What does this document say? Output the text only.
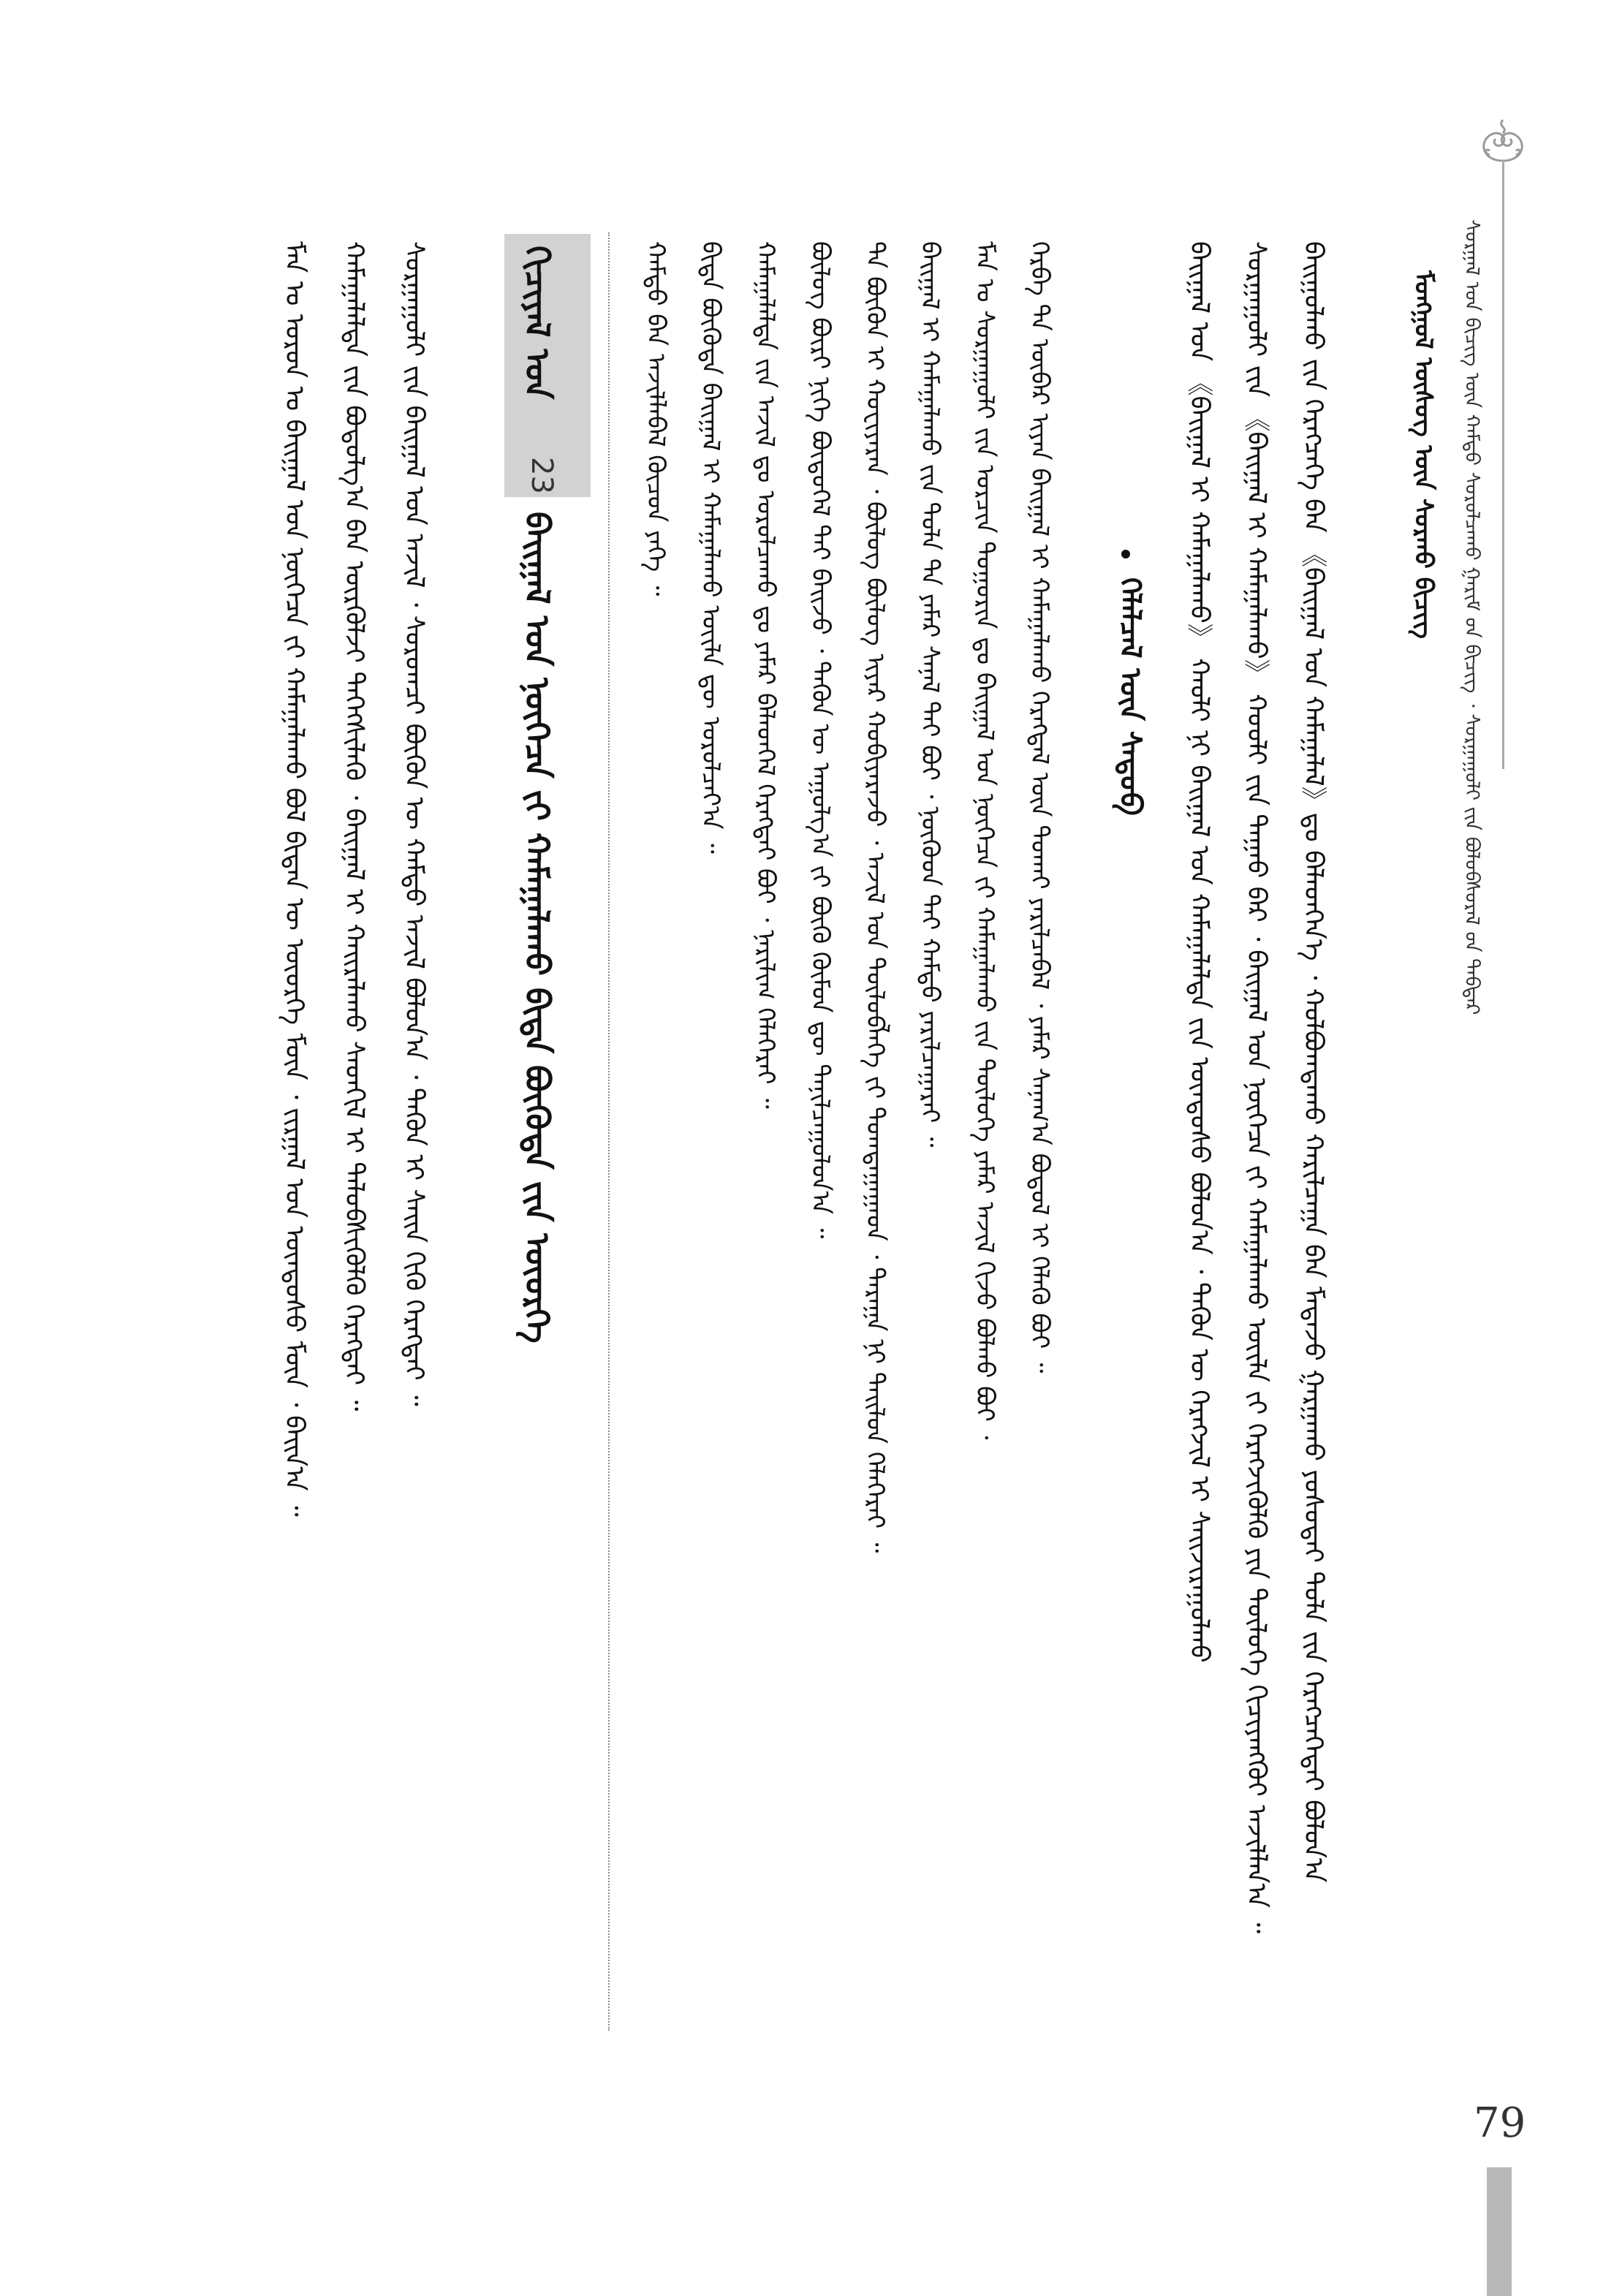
ᠰᠤᠷᠭᠠᠯ ᠤᠨ ᠪᠢᠴᠢᠭ ᠦᠨ ᠬᠠᠮᠲᠤ ᠰᠤᠷᠤᠯᠴᠠᠬᠤ ᠭᠠᠷᠢᠮ ᠤ᠋ᠨ ᠪᠢᠴᠢᠭ ᠂ ᠰᠤᠷᠭᠠᠭᠤᠯᠢ ᠶ᠋ᠢᠨ ᠪᠤᠯᠤᠪᠰᠤᠷᠠᠯ ᠤ᠋ᠨ ᠳᠡᠪᠲᠡᠷ
ᠮᠣᠩᠭᠣᠯ ᠦᠰᠦᠭ ᠦᠨ ᠰᠤᠷᠬᠤ ᠪᠢᠴᠢᠭ
ᠪᠠᠢᠭᠤᠯᠬᠤ ᠶ᠋ᠢᠨ ᠬᠡᠷᠡᠭᠴᠡᠭᠡ ᠪᠠᠨ 《ᠪᠠᠢᠭᠠᠯ ᠤᠨ ᠬᠠᠮᠠᠭᠠᠯᠠᠯ》ᠳᠤ ᠪᠡᠯᠡᠳᠬᠡᠨ᠎ᠡ ᠂ ᠬᠣᠯᠪᠣᠭᠳᠠᠬᠤ ᠬᠠᠷᠢᠯᠴᠠᠭᠠ ᠪᠠᠨ ᠮᠡᠳᠡᠵᠦ ᠭᠠᠷᠭᠠᠬᠤ ᠶᠣᠰᠣᠲᠠᠢ ᠲᠣᠯᠠ ᠶ᠋ᠢᠨ ᠬᠡᠷᠡᠭᠴᠡᠭᠡᠲᠡᠢ ᠪᠣᠯᠤᠨ᠎ᠠ
ᠰᠤᠷᠭᠠᠭᠤᠯᠢ ᠶ᠋ᠢᠨ 《ᠪᠠᠢᠭᠠᠯ ᠢ ᠬᠠᠮᠠᠭᠠᠯᠠᠬᠤ》 ᠬᠣᠤᠯᠢ ᠶ᠋ᠢᠨ ᠳᠠᠭᠠᠤ ᠪᠠᠷ ᠂ ᠪᠠᠢᠭᠠᠯ ᠤᠨ ᠨᠥᠭᠡᠴᠡ ᠶ᠋ᠢ ᠬᠠᠮᠠᠭᠠᠯᠠᠬᠤ ᠦᠢᠯᠡ ᠶ᠋ᠢ ᠬᠡᠷᠡᠭᠵᠢᠭᠦᠯᠬᠦ ᠶᠢᠨ ᠲᠥᠯᠦᠭᠡ ᠬᠢᠴᠢᠶᠡᠩᠭᠦᠢ ᠠᠵᠢᠯᠯᠠᠨ᠎ᠠ ᠃
ᠪᠠᠢᠭᠠᠯ ᠤᠨ 《ᠪᠠᠢᠭᠠᠯ ᠢ ᠬᠠᠮᠠᠭᠠᠯᠠᠬᠤ》 ᠬᠠᠤᠯᠢ ᠨᠢ ᠪᠠᠢᠭᠠᠯ ᠤᠨ ᠬᠠᠮᠠᠭᠠᠯᠠᠯᠲᠠ ᠶ᠋ᠢᠨ ᠦᠨᠳᠦᠰᠦ ᠪᠣᠯᠤᠨ᠎ᠠ ᠂ ᠲᠡᠭᠦᠨ ᠦ ᠬᠡᠷᠡᠭᠵᠢᠯ ᠢ ᠰᠠᠢᠵᠢᠷᠠᠭᠤᠯᠬᠤ
ᠬᠡᠯᠡᠯᠴᠡᠯ ᠦᠨ ᠰᠡᠳᠦᠪ
ᠬᠡᠷᠪᠡ ᠲᠠ ᠦᠪᠡᠷ ᠢᠶᠡᠨ ᠪᠠᠢᠭᠠᠯ ᠢ ᠬᠠᠮᠠᠭᠠᠯᠠᠬᠤ ᠬᠡᠷᠡᠭᠳᠡᠯ ᠦᠨ ᠲᠤᠬᠠᠢ ᠶᠠᠷᠢᠯᠴᠠᠪᠠᠯ ᠂ ᠶᠠᠮᠠᠷ ᠰᠠᠨᠠᠭ᠎ᠠ ᠪᠣᠳᠤᠯ ᠢ ᠬᠡᠯᠡᠬᠦ ᠪᠤᠢ ᠃
ᠮᠠᠨ ᠤ ᠰᠤᠷᠭᠠᠭᠤᠯᠢ ᠶ᠋ᠢᠨ ᠣᠷᠴᠢᠨ ᠲᠣᠭᠣᠷᠢᠨ ᠳᠤ ᠪᠠᠢᠭᠠᠯ ᠤᠨ ᠨᠥᠭᠡᠴᠡ ᠶ᠋ᠢ ᠬᠠᠮᠠᠭᠠᠯᠠᠬᠤ ᠶ᠋ᠢᠨ ᠲᠥᠯᠦᠭᠡ ᠶᠠᠮᠠᠷ ᠠᠵᠢᠯ ᠬᠢᠵᠦ ᠪᠣᠯᠬᠤ ᠪᠤᠢ ᠂
ᠪᠠᠢᠭᠠᠯ ᠢ ᠬᠠᠮᠠᠭᠠᠯᠠᠬᠤ ᠶ᠋ᠢᠨ ᠲᠤᠯᠠ ᠲᠠ ᠶᠠᠮᠠᠷ ᠰᠠᠨᠠᠯ ᠲᠠᠢ ᠪᠤᠢ ᠂ ᠨᠥᠭᠥᠳ ᠲᠡᠢ ᠬᠠᠮᠲᠤ ᠶᠠᠷᠢᠯᠴᠠᠭᠠᠷᠠᠢ ᠃
ᠲᠠ ᠪᠦᠬᠦᠨ ᠢ ᠬᠤᠸᠢᠶᠠᠷᠠᠨ ᠂ ᠪᠦᠯᠦᠭ ᠪᠦᠯᠦᠭ ᠢᠶᠡᠷ ᠬᠤᠪᠢᠶᠠᠷᠠᠵᠤ ᠂ ᠠᠵᠢᠯ ᠤᠨ ᠲᠥᠯᠦᠪᠯᠡᠭᠡ ᠶ᠋ᠢ ᠲᠣᠭᠲᠠᠭᠠᠭᠠᠳ ᠂ ᠳᠠᠷᠠᠭᠠ ᠨᠢ ᠲᠠᠢᠯᠤᠨ ᠬᠡᠯᠡᠭᠡᠷᠡᠢ ᠃
ᠪᠦᠯᠦᠭ ᠪᠦᠷᠢ ᠨᠢᠭᠡ ᠪᠦᠲᠦᠭᠡᠯ ᠲᠡᠢ ᠪᠠᠢᠵᠤ ᠂ ᠲᠡᠭᠦᠨ ᠦ ᠠᠭᠤᠯᠭ᠎ᠠ ᠶ᠋ᠢ ᠪᠦᠬᠦ ᠬᠦᠮᠦᠨ ᠳᠦ ᠲᠠᠨᠢᠯᠴᠠᠭᠤᠯᠤᠨ᠎ᠠ ᠃
ᠬᠠᠮᠠᠭᠠᠯᠠᠯᠲᠠ ᠶ᠋ᠢᠨ ᠠᠵᠢᠯ ᠳᠤ ᠣᠷᠣᠯᠴᠠᠬᠤ ᠳᠤ ᠶᠠᠮᠠᠷ ᠪᠡᠯᠡᠳᠬᠡᠯ ᠬᠡᠷᠡᠭᠲᠡᠢ ᠪᠤᠢ ᠂ ᠨᠠᠷᠢᠯᠢᠭ ᠬᠡᠯᠡᠭᠡᠷᠡᠢ ᠃
ᠪᠢᠳᠡ ᠪᠦᠬᠦᠳᠡ ᠪᠠᠢᠭᠠᠯ ᠢ ᠬᠠᠮᠠᠭᠠᠯᠠᠬᠤ ᠦᠢᠯᠡ ᠳᠦ ᠣᠷᠣᠯᠴᠠᠶ᠎ᠠ ᠃
ᠬᠠᠮᠲᠤ ᠪᠡᠨ ᠠᠵᠢᠯᠯᠠᠪᠠᠯ ᠬᠦᠴᠦᠨ ᠶᠡᠬᠡ ᠃
ᠬᠢᠴᠢᠶᠡᠯ ᠤᠨ
23
ᠪᠠᠢᠭᠠᠯ ᠤᠨ ᠨᠥᠭᠡᠴᠡ ᠶ᠋ᠢ ᠬᠠᠮᠠᠭᠠᠯᠠᠬᠤ ᠪᠢᠳᠡ ᠪᠦᠬᠦᠳᠡ ᠶ᠋ᠢᠨ ᠦᠦᠷᠭᠡ
ᠰᠤᠷᠭᠠᠭᠤᠯᠢ ᠶ᠋ᠢᠨ ᠪᠠᠢᠭᠠᠯ ᠤᠨ ᠠᠵᠢᠯ ᠂ ᠰᠤᠷᠤᠭᠴᠢ ᠪᠦᠬᠦᠨ ᠦ ᠬᠠᠮᠲᠤ ᠠᠵᠢᠯ ᠪᠣᠯᠤᠨ᠎ᠠ ᠂ ᠲᠡᠭᠦᠨ ᠢ ᠰᠠᠢᠨ ᠬᠢᠬᠦ ᠬᠡᠷᠡᠭᠲᠡᠢ ᠃
ᠬᠠᠮᠠᠭᠠᠯᠠᠯᠲᠠ ᠶ᠋ᠢᠨ ᠪᠣᠳᠤᠯᠭ᠎ᠠ ᠪᠠᠨ ᠦᠷᠭᠦᠯᠵᠢ ᠳᠡᠭᠡᠭᠰᠢᠯᠡᠬᠦ ᠂ ᠪᠠᠢᠭᠠᠯ ᠢ ᠬᠠᠢᠷᠠᠯᠠᠬᠤ ᠰᠡᠳᠬᠢᠯ ᠢ ᠲᠡᠯᠦᠪᠰᠢᠭᠦᠯᠬᠦ ᠬᠡᠷᠡᠭᠲᠡᠢ ᠃
ᠮᠠᠨ ᠤ ᠣᠷᠣᠨ ᠤ ᠪᠠᠢᠭᠠᠯ ᠤᠨ ᠨᠥᠭᠡᠴᠡ ᠶ᠋ᠢ ᠬᠠᠮᠠᠭᠠᠯᠠᠬᠤ ᠪᠣᠯ ᠪᠢᠳᠡᠨ ᠦ ᠦᠦᠷᠭᠡ ᠮᠥᠨ ᠂ ᠵᠢᠷᠭᠠᠯ ᠤᠨ ᠦᠨᠳᠦᠰᠦ ᠮᠥᠨ ᠂ ᠪᠠᠢᠨ᠎ᠠ ᠃
79
